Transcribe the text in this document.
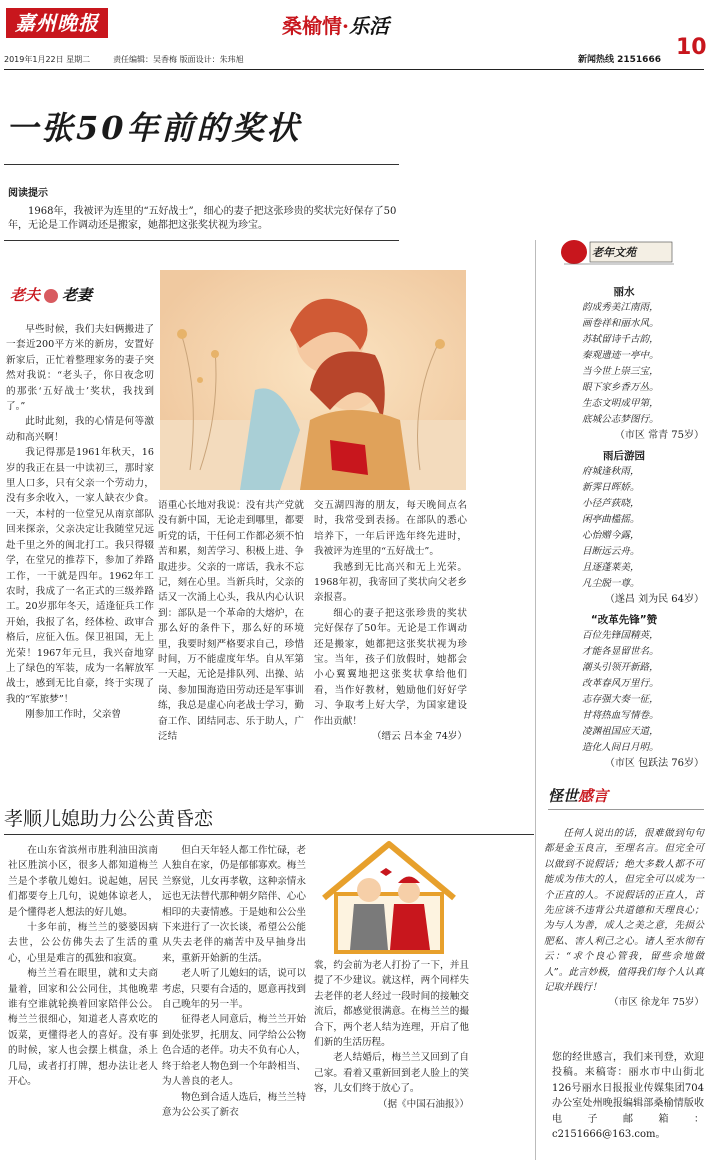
嘉州晚报	桑榆情·乐活
10
2019年1月22日 星期二	责任编辑：吴香梅 版面设计：朱玮旭	新闻热线 2151666
一张50年前的奖状
阅读提示
1968年，我被评为连里的“五好战士”，细心的妻子把这张珍贵的奖状完好保存了50年，无论是工作调动还是搬家，她都把这张奖状视为珍宝。
老夫 老妻

早些时候，我们夫妇俩搬进了一套近200平方米的新房，安置好新家后，正忙着整理家务的妻子突然对我说：“老头子，你日夜念叨的那张‘五好战士’奖状，我找到了。”

此时此刻，我的心情是何等激动和高兴啊！

我记得那是1961年秋天，16岁的我正在县一中读初三，那时家里人口多，只有父亲一个劳动力，没有多余收入，一家人缺衣少食。一天，本村的一位堂兄从南京部队回来探亲，父亲决定让我随堂兄远赴千里之外的闽北打工。我只得辍学，在堂兄的推荐下，参加了养路工作，一干就是四年。1962年工农时，我成了一名正式的三级养路工。20岁那年冬天，适逢征兵工作开始，我报了名，经体检、政审合格后，应征入伍。保卫祖国，无上光荣！1967年元旦，我兴奋地穿上了绿色的军装，成为一名解放军战士，感到无比自豪，终于实现了我的“军旅梦”！

刚参加工作时，父亲曾

语重心长地对我说：没有共产党就没有新中国，无论走到哪里，都要听党的话，干任何工作都必须不怕苦和累，刻苦学习、积极上进、争取进步。父亲的一席话，我永不忘记，刻在心里。当新兵时，父亲的话又一次涌上心头，我从内心认识到：部队是一个革命的大熔炉，在那么好的条件下，那么好的环境里，我要时刻严格要求自己，珍惜时间，万不能虚度年华。自从军第一天起，无论是排队列、出操、站岗、参加围海造田劳动还是军事训练，我总是虚心向老战士学习，勤奋工作、团结同志、乐于助人，广泛结

交五湖四海的朋友，每天晚间点名时，我常受到表扬。在部队的悉心培养下，一年后评选年终先进时，我被评为连里的“五好战士”。

我感到无比高兴和无上光荣。1968年初，我寄回了奖状向父老乡亲报喜。

细心的妻子把这张珍贵的奖状完好保存了50年。无论是工作调动还是搬家，她都把这张奖状视为珍宝。当年，孩子们放假时，她都会小心翼翼地把这张奖状拿给他们看，当作好教材，勉励他们好好学习、争取考上好大学，为国家建设作出贡献！

（缙云 吕本金 74岁）

老年文苑
丽水
韵成秀美江南雨，
画卷祥和丽水风。
苏轼留诗千古韵，
秦观遗迹一亭中。
当今世上崇三宝，
眼下家乡香万丛。
生态文明成甲第，
底城公志梦图行。
（市区 常青 75岁）
雨后游园
府城逢秋雨，
新霁日晖娇。
小径芦荻晓，
闲亭曲槛摇。
心怡赠今露，
目断远云舟。
且逐蓬莱美，
凡尘脱一尊。
（遂昌 刘为民 64岁）
“改革先锋”赞
百位先锋国精英，
才能各显留世名。
潮头引领开新路，
改革春风万里行。
志存强大奏一征，
甘将热血写情卷。
凌渊祖国应天道，
造化人间日月明。
（市区 包跃法 76岁）
怪世感言
任何人说出的话，很难做到句句都是金玉良言，至理名言。但完全可以做到不说假话；绝大多数人都不可能成为伟大的人，但完全可以成为一个正直的人。不说假话的正直人，首先应该不违背公共道德和天理良心；为与人为善，成人之美之意，先损公肥私、害人利己之心。诸人至水彻有云：“求个良心管我，留些余地做人”。此言妙极，值得我们每个人认真记取并践行！
（市区 徐龙年 75岁）
您的经世感言，我们来刊登，欢迎投稿。来稿寄：丽水市中山街北126号丽水日报报业传媒集团704办公室处州晚报编辑部桑榆情版收电子邮箱：c2151666@163.com。
孝顺儿媳助力公公黄昏恋

在山东省滨州市胜利油田滨南社区胜滨小区，很多人都知道梅兰兰是个孝敬儿媳妇。说起她，居民们都要夸上几句，说她体谅老人，是个懂得老人想法的好儿媳。

十多年前，梅兰兰的婆婆因病去世，公公仿佛失去了生活的重心，心里是难言的孤独和寂寞。

梅兰兰看在眼里，就和丈夫商量着，回家和公公同住，其他晚辈谁有空谁就轮换着回家陪伴公公。梅兰兰很细心，知道老人喜欢吃的饭菜，更懂得老人的喜好。没有事的时候，家人也会摆上棋盘，杀上几局，或者打打牌，想办法让老人开心。

但白天年轻人都工作忙碌，老人独自在家，仍是郁郁寡欢。梅兰兰察觉，儿女再孝敬，这种亲情永远也无法替代那种朝夕陪伴、心心相印的夫妻情感。于是她和公公坐下来进行了一次长谈，希望公公能从失去老伴的痛苦中及早抽身出来，重新开始新的生活。

老人听了儿媳妇的话，说可以考虑，只要有合适的，愿意再找到自己晚年的另一半。

征得老人同意后，梅兰兰开始到处张罗，托朋友、同学给公公物色合适的老伴。功夫不负有心人，终于给老人物色到一个年龄相当、为人善良的老人。

物色到合适人选后，梅兰兰特意为公公买了新衣

裳，约会前为老人打扮了一下，并且提了不少建议。就这样，两个同样失去老伴的老人经过一段时间的接触交流后，都感觉很满意。在梅兰兰的撮合下，两个老人结为连理，开启了他们新的生活历程。

老人结婚后，梅兰兰又回到了自己家。看着又重新回到老人脸上的笑容，儿女们终于放心了。

（据《中国石油报》）
